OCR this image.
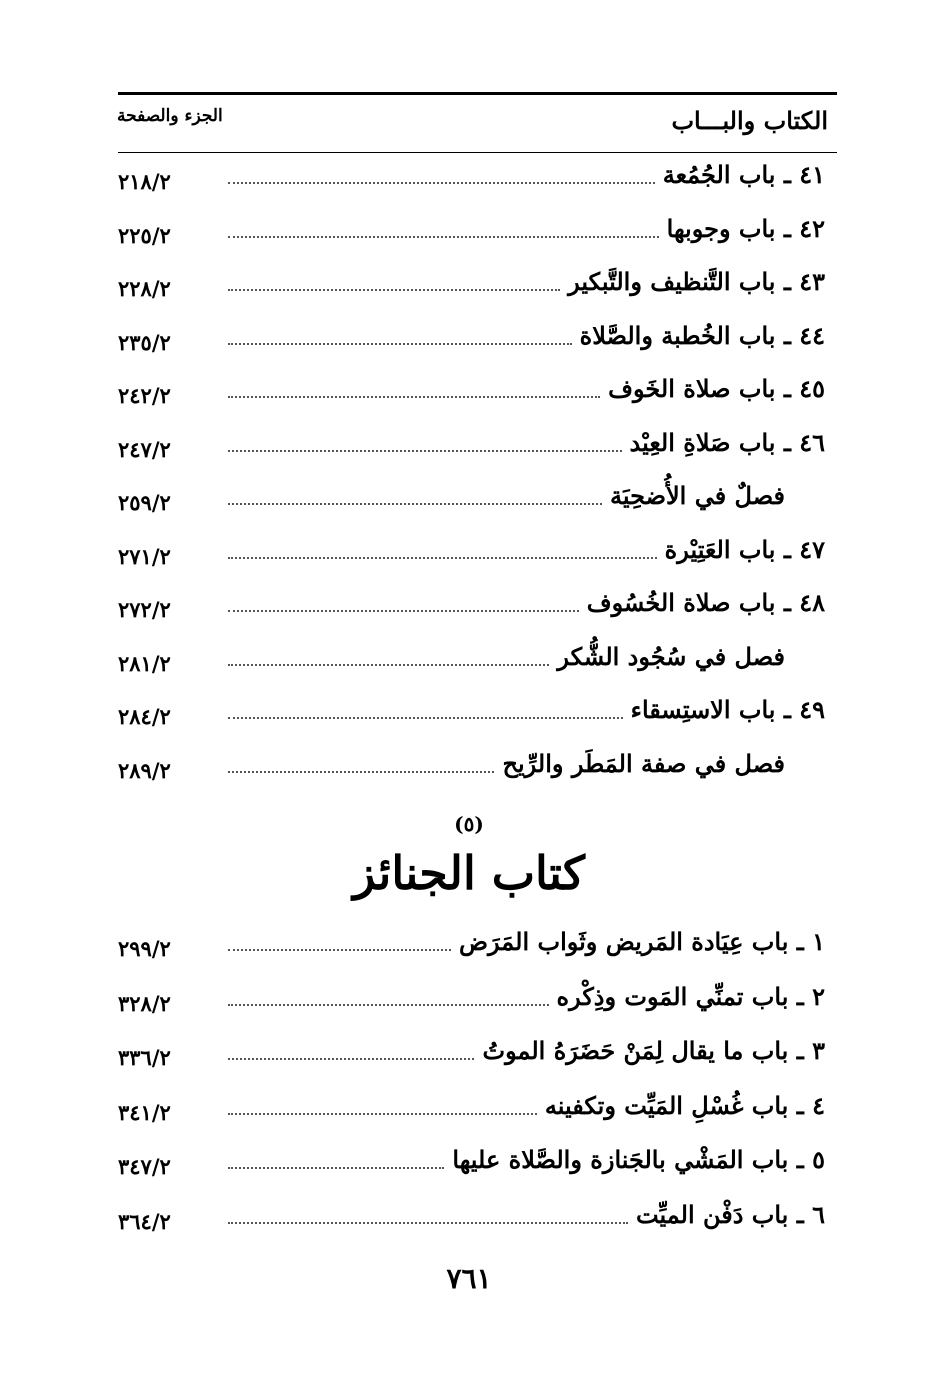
الكتاب والبـــاب
الجزء والصفحة
٤١ ـ باب الجُمُعة
٢١٨/٢
٤٢ ـ باب وجوبها
٢٢٥/٢
٤٣ ـ باب التَّنظيف والتَّبكير
٢٢٨/٢
٤٤ ـ باب الخُطبة والصَّلاة
٢٣٥/٢
٤٥ ـ باب صلاة الخَوف
٢٤٢/٢
٤٦ ـ باب صَلاةِ العِيْد
٢٤٧/٢
فصلٌ في الأُضحِيَة
٢٥٩/٢
٤٧ ـ باب العَتِيْرة
٢٧١/٢
٤٨ ـ باب صلاة الخُسُوف
٢٧٢/٢
فصل في سُجُود الشُّكر
٢٨١/٢
٤٩ ـ باب الاستِسقاء
٢٨٤/٢
فصل في صفة المَطَر والرِّيح
٢٨٩/٢
(٥)
كتاب الجنائز
١ ـ باب عِيَادة المَريض وثَواب المَرَض
٢٩٩/٢
٢ ـ باب تمنِّي المَوت وذِكْره
٣٢٨/٢
٣ ـ باب ما يقال لِمَنْ حَضَرَهُ الموتُ
٣٣٦/٢
٤ ـ باب غُسْلِ المَيِّت وتكفينه
٣٤١/٢
٥ ـ باب المَشْي بالجَنازة والصَّلاة عليها
٣٤٧/٢
٦ ـ باب دَفْن الميِّت
٣٦٤/٢
٧٦١
